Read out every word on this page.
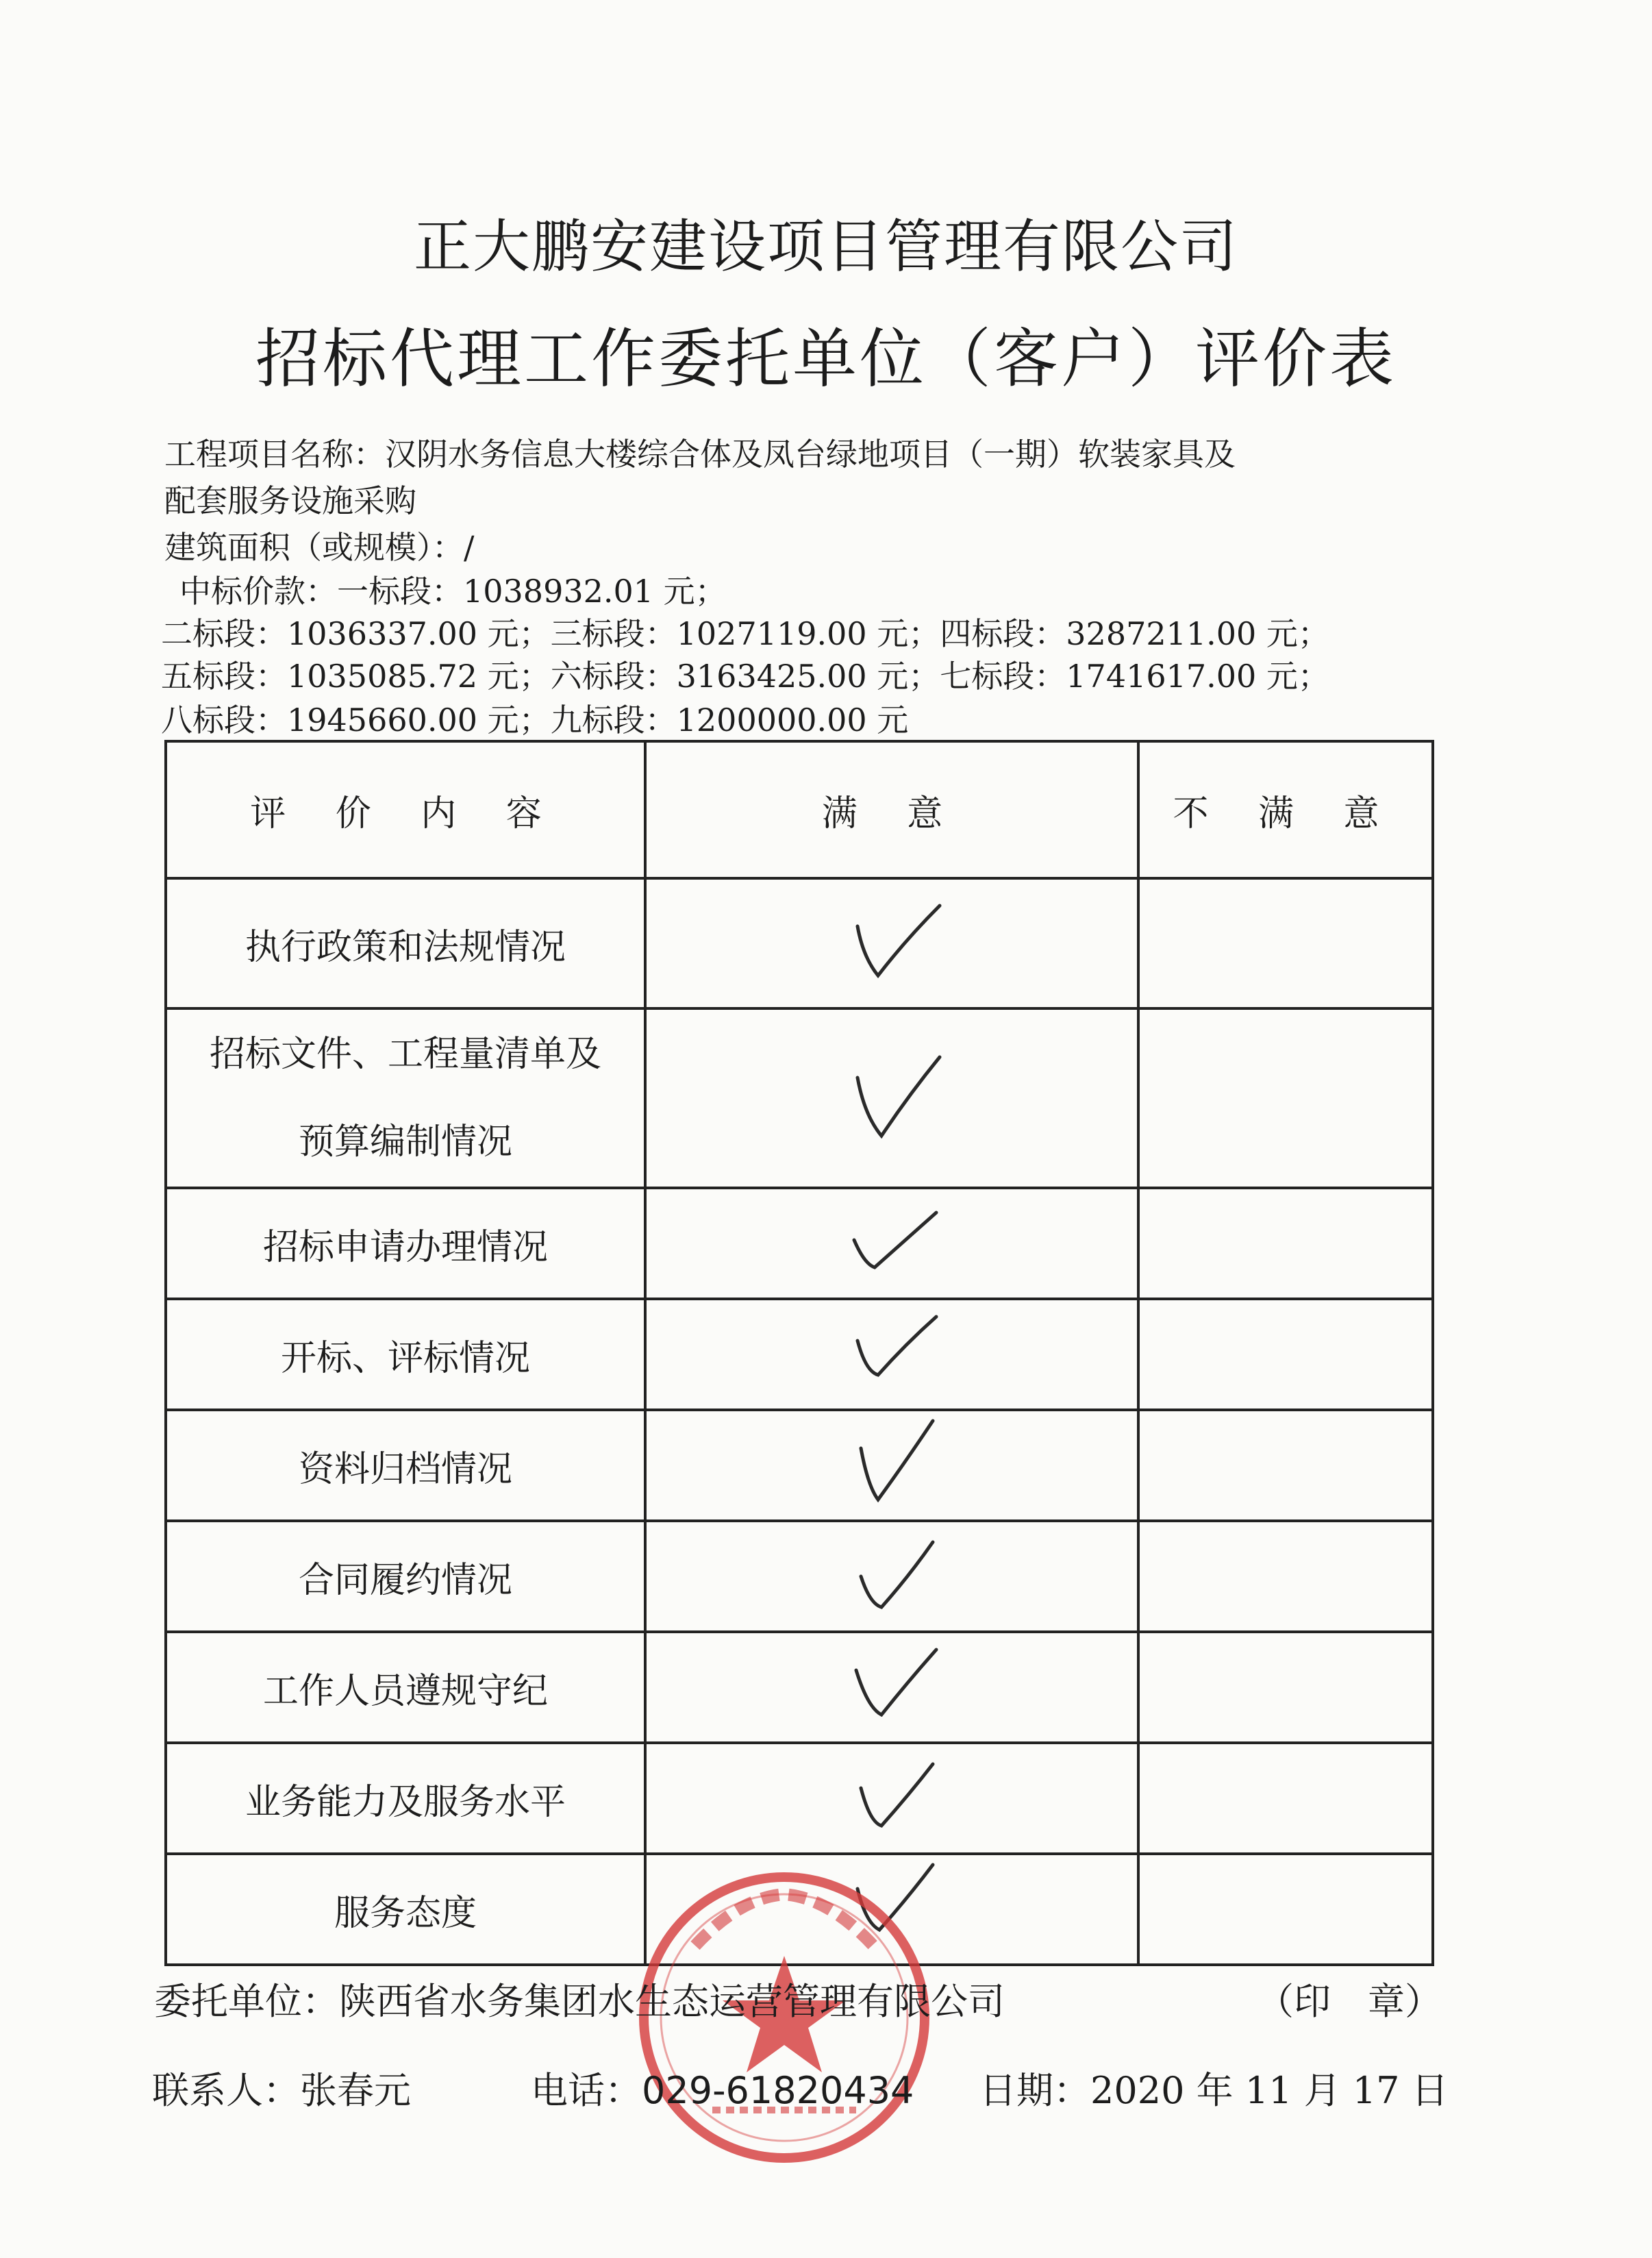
正大鹏安建设项目管理有限公司
招标代理工作委托单位（客户）评价表
工程项目名称：汉阴水务信息大楼综合体及凤台绿地项目（一期）软装家具及
配套服务设施采购
建筑面积（或规模）：/
中标价款：一标段：1038932.01 元；
二标段：1036337.00 元；三标段：1027119.00 元；四标段：3287211.00 元；
五标段：1035085.72 元；六标段：3163425.00 元；七标段：1741617.00 元；
八标段：1945660.00 元；九标段：1200000.00 元
评 价 内 容	满 意	不 满 意
执行政策和法规情况	

招标文件、工程量清单及
预算编制情况

招标申请办理情况	

开标、评标情况	

资料归档情况	

合同履约情况	

工作人员遵规守纪	

业务能力及服务水平	

服务态度	

委托单位：陕西省水务集团水生态运营管理有限公司	（印　章）
联系人：张春元	电话：029-61820434 日期：2020 年 11 月 17 日
